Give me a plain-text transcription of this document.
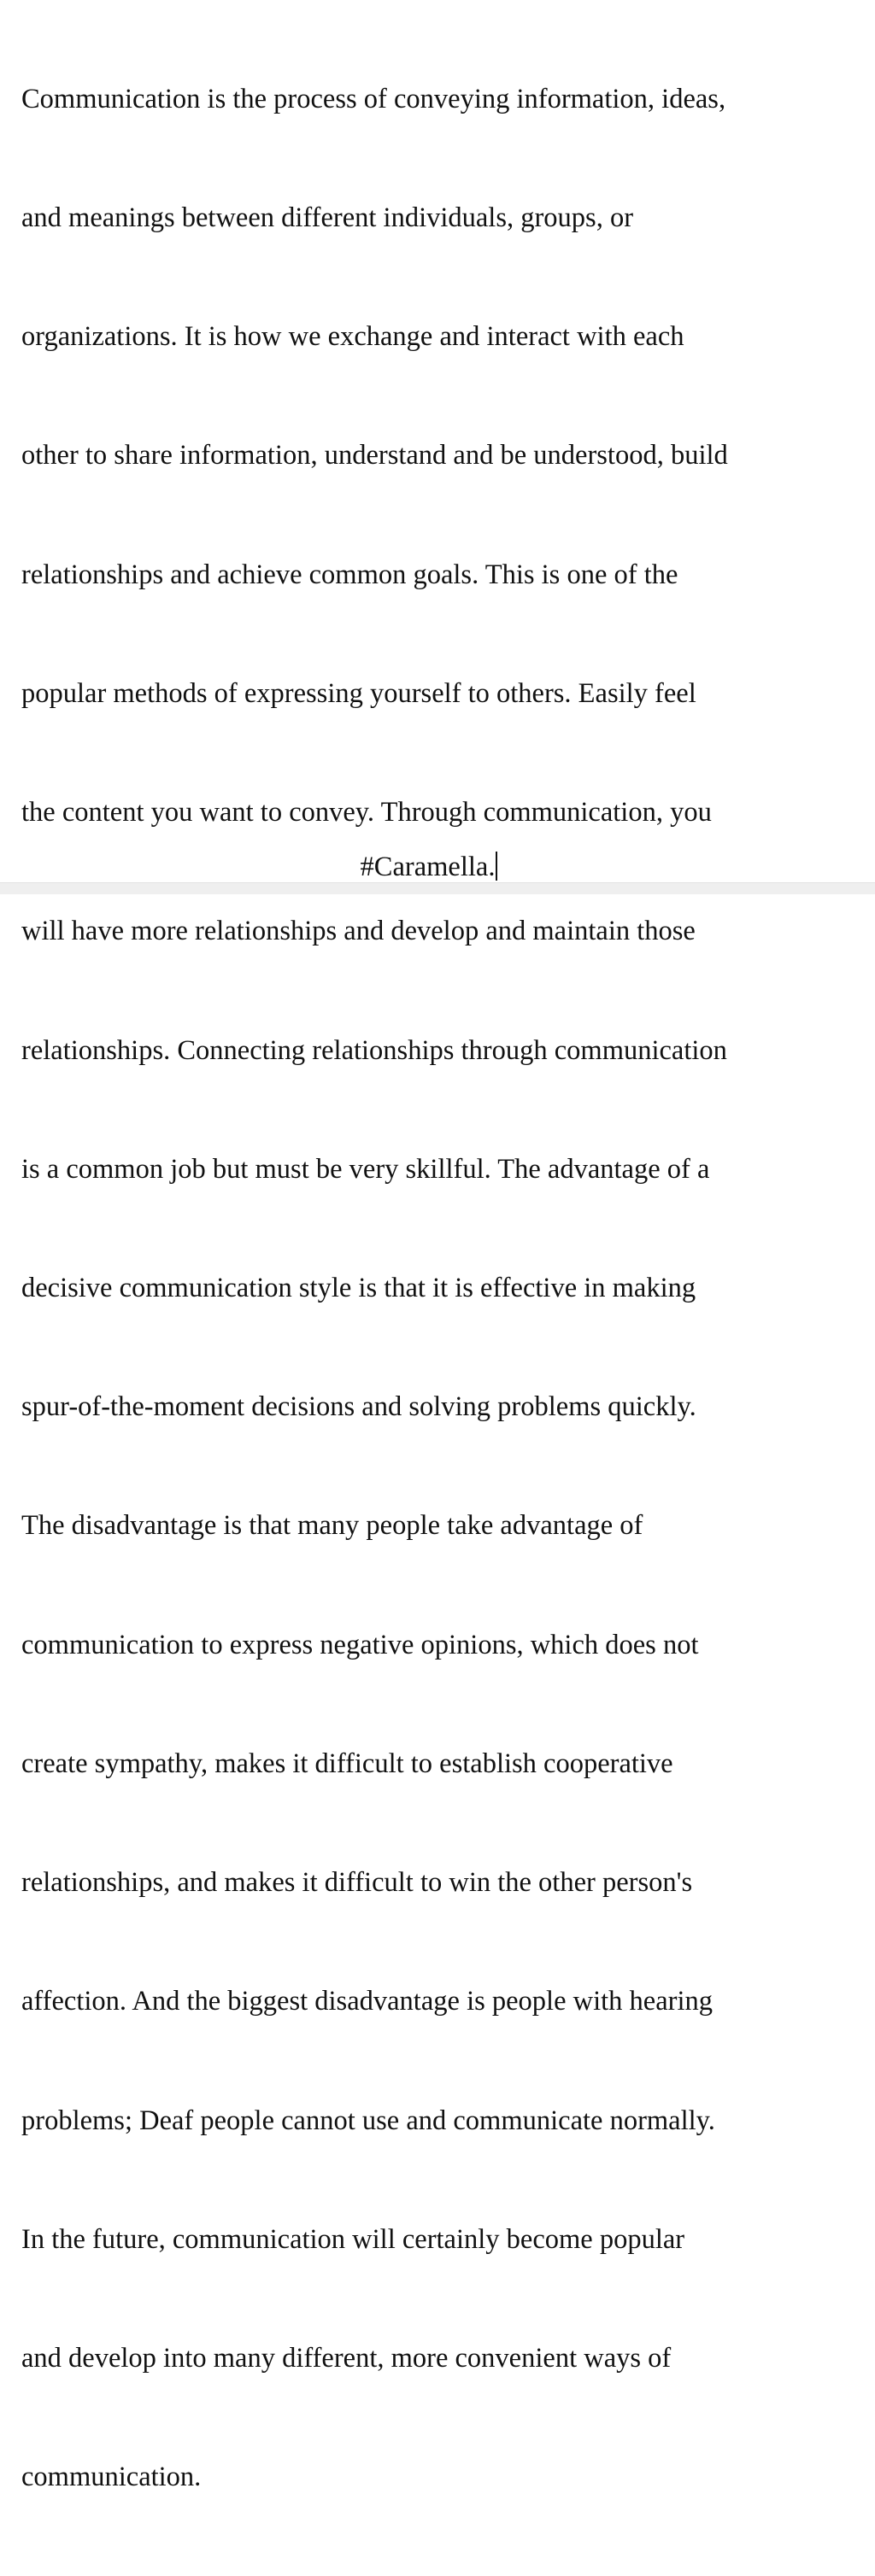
Communication is the process of conveying information, ideas,

and meanings between different individuals, groups, or

organizations. It is how we exchange and interact with each

other to share information, understand and be understood, build

relationships and achieve common goals. This is one of the

popular methods of expressing yourself to others. Easily feel

the content you want to convey. Through communication, you

will have more relationships and develop and maintain those

relationships. Connecting relationships through communication

is a common job but must be very skillful. The advantage of a

decisive communication style is that it is effective in making

spur-of-the-moment decisions and solving problems quickly.

The disadvantage is that many people take advantage of

communication to express negative opinions, which does not

create sympathy, makes it difficult to establish cooperative

relationships, and makes it difficult to win the other person's

affection. And the biggest disadvantage is people with hearing

problems; Deaf people cannot use and communicate normally.

In the future, communication will certainly become popular

and develop into many different, more convenient ways of

communication.

#Caramella.
